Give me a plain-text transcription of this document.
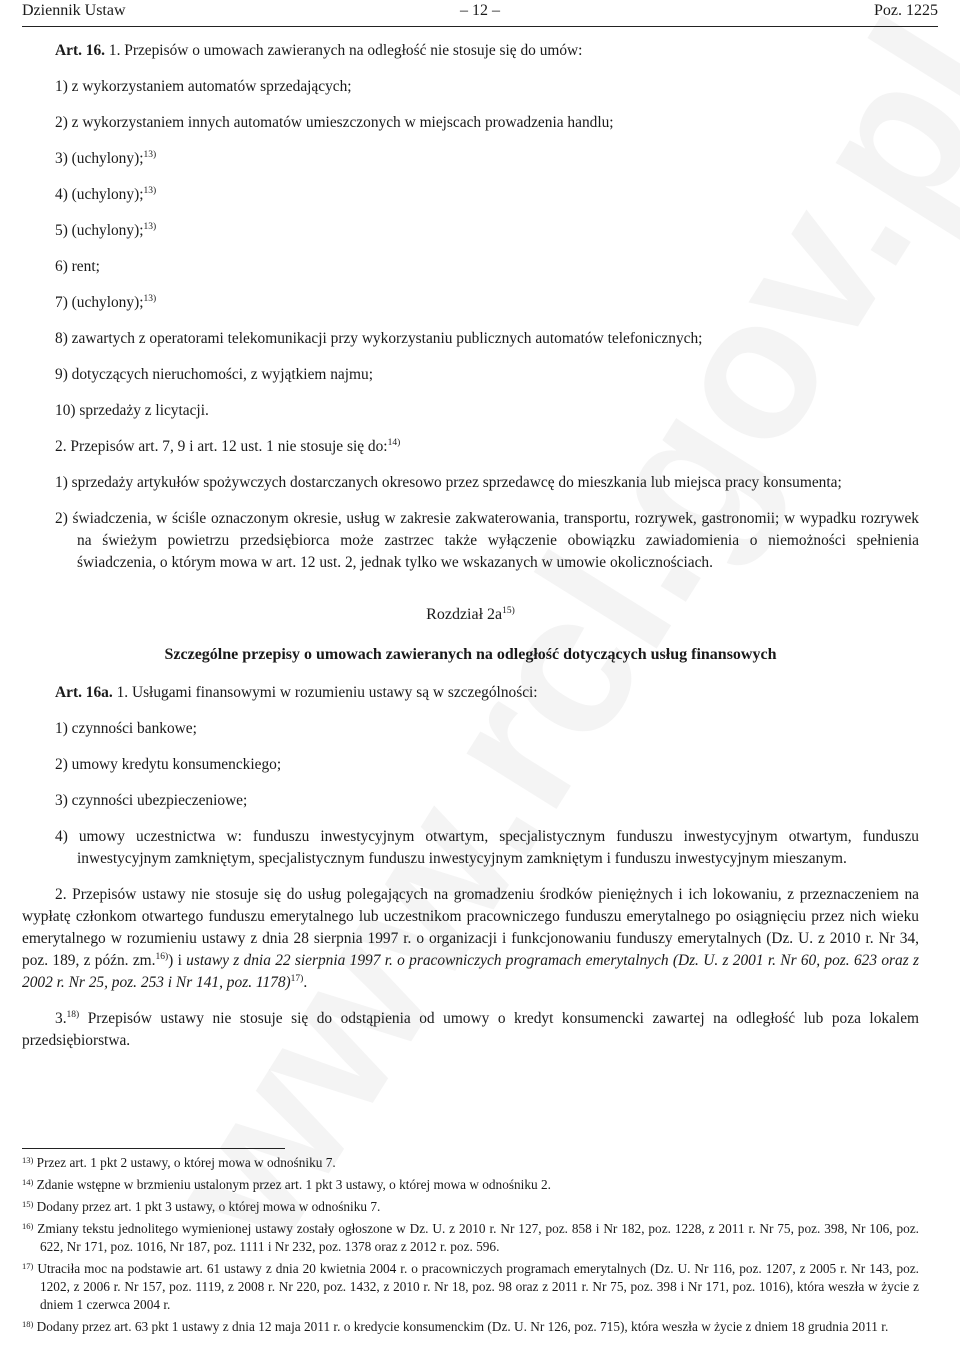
Dziennik Ustaw	– 12 –	Poz. 1225

Art. 16. 1. Przepisów o umowach zawieranych na odległość nie stosuje się do umów:

1) z wykorzystaniem automatów sprzedających;

2) z wykorzystaniem innych automatów umieszczonych w miejscach prowadzenia handlu;

3) (uchylony);$^{13)}$

4) (uchylony);$^{13)}$

5) (uchylony);$^{13)}$

6) rent;

7) (uchylony);$^{13)}$

8) zawartych z operatorami telekomunikacji przy wykorzystaniu publicznych automatów telefonicznych;

9) dotyczących nieruchomości, z wyjątkiem najmu;

10) sprzedaży z licytacji.

2. Przepisów art. 7, 9 i art. 12 ust. 1 nie stosuje się do:$^{14)}$

1) sprzedaży artykułów spożywczych dostarczanych okresowo przez sprzedawcę do mieszkania lub miejsca pracy konsumenta;

2) świadczenia, w ściśle oznaczonym okresie, usług w zakresie zakwaterowania, transportu, rozrywek, gastronomii; w wypadku rozrywek na świeżym powietrzu przedsiębiorca może zastrzec także wyłączenie obowiązku zawiadomienia o niemożności spełnienia świadczenia, o którym mowa w art. 12 ust. 2, jednak tylko we wskazanych w umowie okolicznościach.

Rozdział $2a^{15)}$
Szczególne przepisy o umowach zawieranych na odległość dotyczących usług finansowych

Art. 16a. 1. Usługami finansowymi w rozumieniu ustawy są w szczególności:

1) czynności bankowe;

2) umowy kredytu konsumenckiego;

3) czynności ubezpieczeniowe;

4) umowy uczestnictwa w: funduszu inwestycyjnym otwartym, specjalistycznym funduszu inwestycyjnym otwartym, funduszu inwestycyjnym zamkniętym, specjalistycznym funduszu inwestycyjnym zamkniętym i funduszu inwestycyjnym mieszanym.

2. Przepisów ustawy nie stosuje się do usług polegających na gromadzeniu środków pieniężnych i ich lokowaniu, z przeznaczeniem na wypłatę członkom otwartego funduszu emerytalnego lub uczestnikom pracowniczego funduszu emerytalnego po osiągnięciu przez nich wieku emerytalnego w rozumieniu ustawy z dnia 28 sierpnia 1997 r. o organizacji i funkcjonowaniu funduszy emerytalnych (Dz. U. z 2010 r. Nr 34, poz. 189, z późn. zm.$^{16)}$) i ustawy z dnia 22 sierpnia 1997 r. o pracowniczych programach emerytalnych (Dz. U. z 2001 r. Nr 60, poz. 623 oraz z 2002 r. Nr 25, poz. 253 i Nr 141, poz. 1178)$^{17)}$.

3.$^{18)}$ Przepisów ustawy nie stosuje się do odstąpienia od umowy o kredyt konsumencki zawartej na odległość lub poza lokalem przedsiębiorstwa.

$^{13)}$ Przez art. 1 pkt 2 ustawy, o której mowa w odnośniku 7.

$^{14)}$ Zdanie wstępne w brzmieniu ustalonym przez art. 1 pkt 3 ustawy, o której mowa w odnośniku 2.

$^{15)}$ Dodany przez art. 1 pkt 3 ustawy, o której mowa w odnośniku 7.

$^{16)}$ Zmiany tekstu jednolitego wymienionej ustawy zostały ogłoszone w Dz. U. z 2010 r. Nr 127, poz. 858 i Nr 182, poz. 1228, z 2011 r. Nr 75, poz. 398, Nr 106, poz. 622, Nr 171, poz. 1016, Nr 187, poz. 1111 i Nr 232, poz. 1378 oraz z 2012 r. poz. 596.

$^{17)}$ Utraciła moc na podstawie art. 61 ustawy z dnia 20 kwietnia 2004 r. o pracowniczych programach emerytalnych (Dz. U. Nr 116, poz. 1207, z 2005 r. Nr 143, poz. 1202, z 2006 r. Nr 157, poz. 1119, z 2008 r. Nr 220, poz. 1432, z 2010 r. Nr 18, poz. 98 oraz z 2011 r. Nr 75, poz. 398 i Nr 171, poz. 1016), która weszła w życie z dniem 1 czerwca 2004 r.

$^{18)}$ Dodany przez art. 63 pkt 1 ustawy z dnia 12 maja 2011 r. o kredycie konsumenckim (Dz. U. Nr 126, poz. 715), która weszła w życie z dniem 18 grudnia 2011 r.
